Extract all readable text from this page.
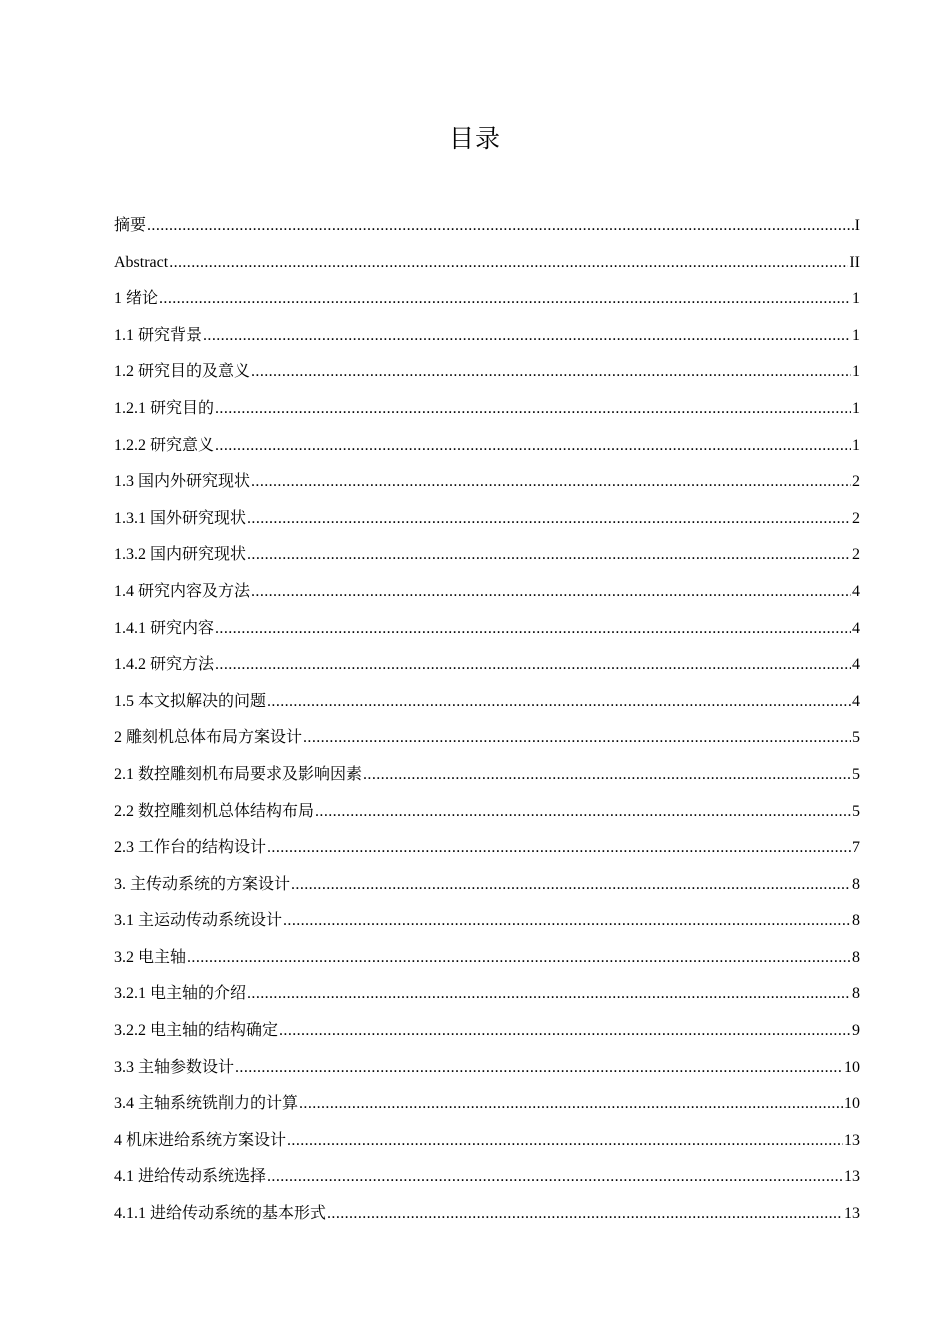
目录
摘要 .....	I
Abstract .....	II
1 绪论 .....	1
1.1 研究背景 .....	1
1.2 研究目的及意义 .....	1
1.2.1 研究目的 .....	1
1.2.2 研究意义 .....	1
1.3 国内外研究现状 .....	2
1.3.1 国外研究现状 .....	2
1.3.2 国内研究现状 .....	2
1.4 研究内容及方法 .....	4
1.4.1 研究内容 .....	4
1.4.2 研究方法 .....	4
1.5 本文拟解决的问题 .....	4
2 雕刻机总体布局方案设计 .....	5
2.1 数控雕刻机布局要求及影响因素 .....	5
2.2 数控雕刻机总体结构布局 .....	5
2.3 工作台的结构设计 .....	7
3. 主传动系统的方案设计 .....	8
3.1 主运动传动系统设计 .....	8
3.2 电主轴 .....	8
3.2.1 电主轴的介绍 .....	8
3.2.2 电主轴的结构确定 .....	9
3.3 主轴参数设计 .....	10
3.4 主轴系统铣削力的计算 .....	10
4 机床进给系统方案设计 .....	13
4.1 进给传动系统选择 .....	13
4.1.1 进给传动系统的基本形式 .....	13
